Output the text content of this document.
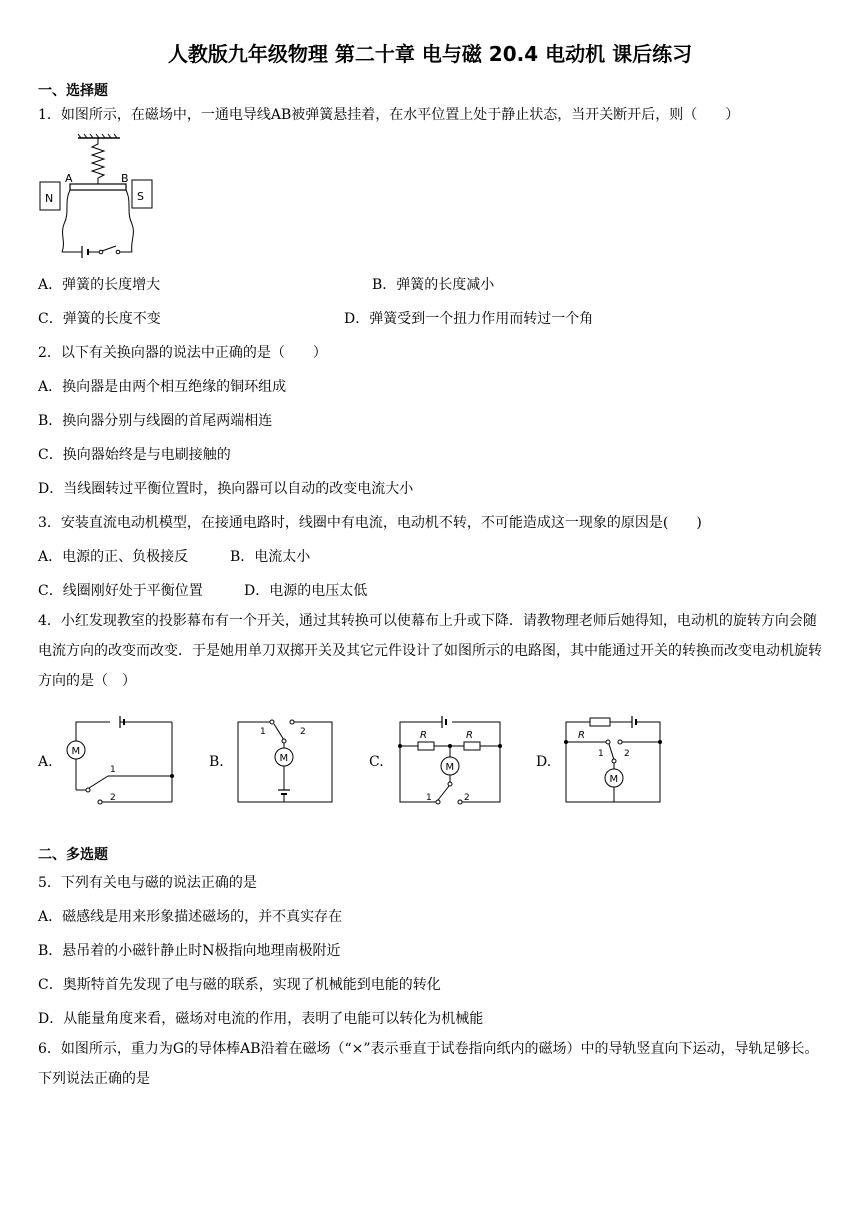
人教版九年级物理 第二十章 电与磁 20.4 电动机 课后练习
一、选择题
1．如图所示，在磁场中，一通电导线AB被弹簧悬挂着，在水平位置上处于静止状态，当开关断开后，则（　　）
A	B
N	S
A．弹簧的长度增大	B．弹簧的长度减小
C．弹簧的长度不变	D．弹簧受到一个扭力作用而转过一个角
2．以下有关换向器的说法中正确的是（　　）
A．换向器是由两个相互绝缘的铜环组成
B．换向器分别与线圈的首尾两端相连
C．换向器始终是与电刷接触的
D．当线圈转过平衡位置时，换向器可以自动的改变电流大小
3．安装直流电动机模型，在接通电路时，线圈中有电流，电动机不转，不可能造成这一现象的原因是(　　)
A．电源的正、负极接反	B．电流太小
C．线圈刚好处于平衡位置	D．电源的电压太低
4．小红发现教室的投影幕布有一个开关，通过其转换可以使幕布上升或下降．请教物理老师后她得知，电动机的旋转方向会随电流方向的改变而改变．于是她用单刀双掷开关及其它元件设计了如图所示的电路图，其中能通过开关的转换而改变电动机旋转方向的是（　）
A.
M
1
2
B.	M
1	2
C.
R	R
M
1	2
D.
R
M
1 2
二、多选题
5．下列有关电与磁的说法正确的是
A．磁感线是用来形象描述磁场的，并不真实存在
B．悬吊着的小磁针静止时N极指向地理南极附近
C．奥斯特首先发现了电与磁的联系，实现了机械能到电能的转化
D．从能量角度来看，磁场对电流的作用，表明了电能可以转化为机械能
6．如图所示，重力为G的导体棒AB沿着在磁场（“×”表示垂直于试卷指向纸内的磁场）中的导轨竖直向下运动，导轨足够长。下列说法正确的是
